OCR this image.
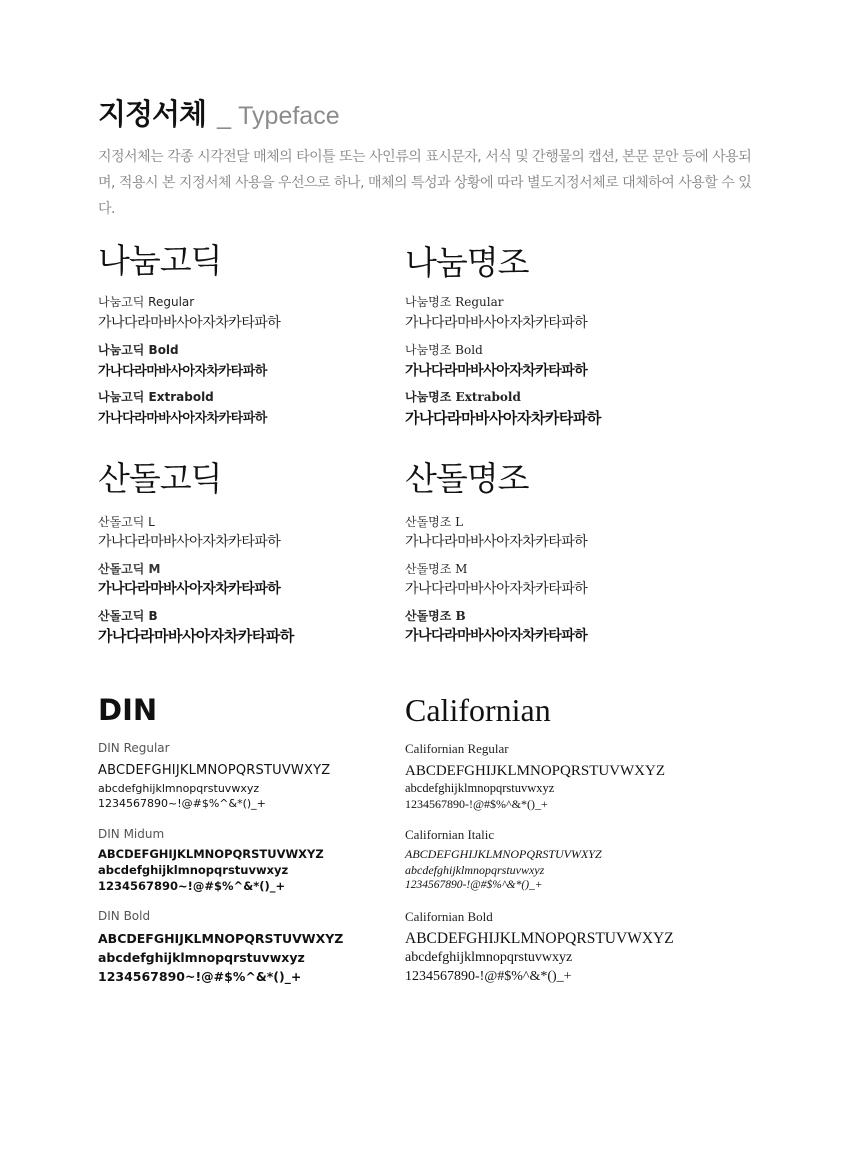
지정서체 _ Typeface
지정서체는 각종 시각전달 매체의 타이틀 또는 사인류의 표시문자, 서식 및 간행물의 캡션, 본문 문안 등에 사용되며, 적용시 본 지정서체 사용을 우선으로 하나, 매체의 특성과 상황에 따라 별도지정서체로 대체하여 사용할 수 있다.
나눔고딕
나눔고딕 Regular
가나다라마바사아자차카타파하
나눔고딕 Bold
가나다라마바사아자차카타파하
나눔고딕 Extrabold
가나다라마바사아자차카타파하
나눔명조
나눔명조 Regular
가나다라마바사아자차카타파하
나눔명조 Bold
가나다라마바사아자차카타파하
나눔명조 Extrabold
가나다라마바사아자차카타파하
산돌고딕
산돌고딕 L
가나다라마바사아자차카타파하
산돌고딕 M
가나다라마바사아자차카타파하
산돌고딕 B
가나다라마바사아자차카타파하
산돌명조
산돌명조 L
가나다라마바사아자차카타파하
산돌명조 M
가나다라마바사아자차카타파하
산돌명조 B
가나다라마바사아자차카타파하
DIN
DIN Regular
ABCDEFGHIJKLMNOPQRSTUVWXYZ
abcdefghijklmnopqrstuvwxyz
1234567890~!@#$%^&*()_+
DIN Midum
ABCDEFGHIJKLMNOPQRSTUVWXYZ
abcdefghijklmnopqrstuvwxyz
1234567890~!@#$%^&*()_+
DIN Bold
ABCDEFGHIJKLMNOPQRSTUVWXYZ
abcdefghijklmnopqrstuvwxyz
1234567890~!@#$%^&*()_+
Californian
Californian Regular
ABCDEFGHIJKLMNOPQRSTUVWXYZ
abcdefghijklmnopqrstuvwxyz
1234567890-!@#$%^&*()_+
Californian Italic
ABCDEFGHIJKLMNOPQRSTUVWXYZ
abcdefghijklmnopqrstuvwxyz
1234567890-!@#$%^&*()_+
Californian Bold
ABCDEFGHIJKLMNOPQRSTUVWXYZ
abcdefghijklmnopqrstuvwxyz
1234567890-!@#$%^&*()_+
